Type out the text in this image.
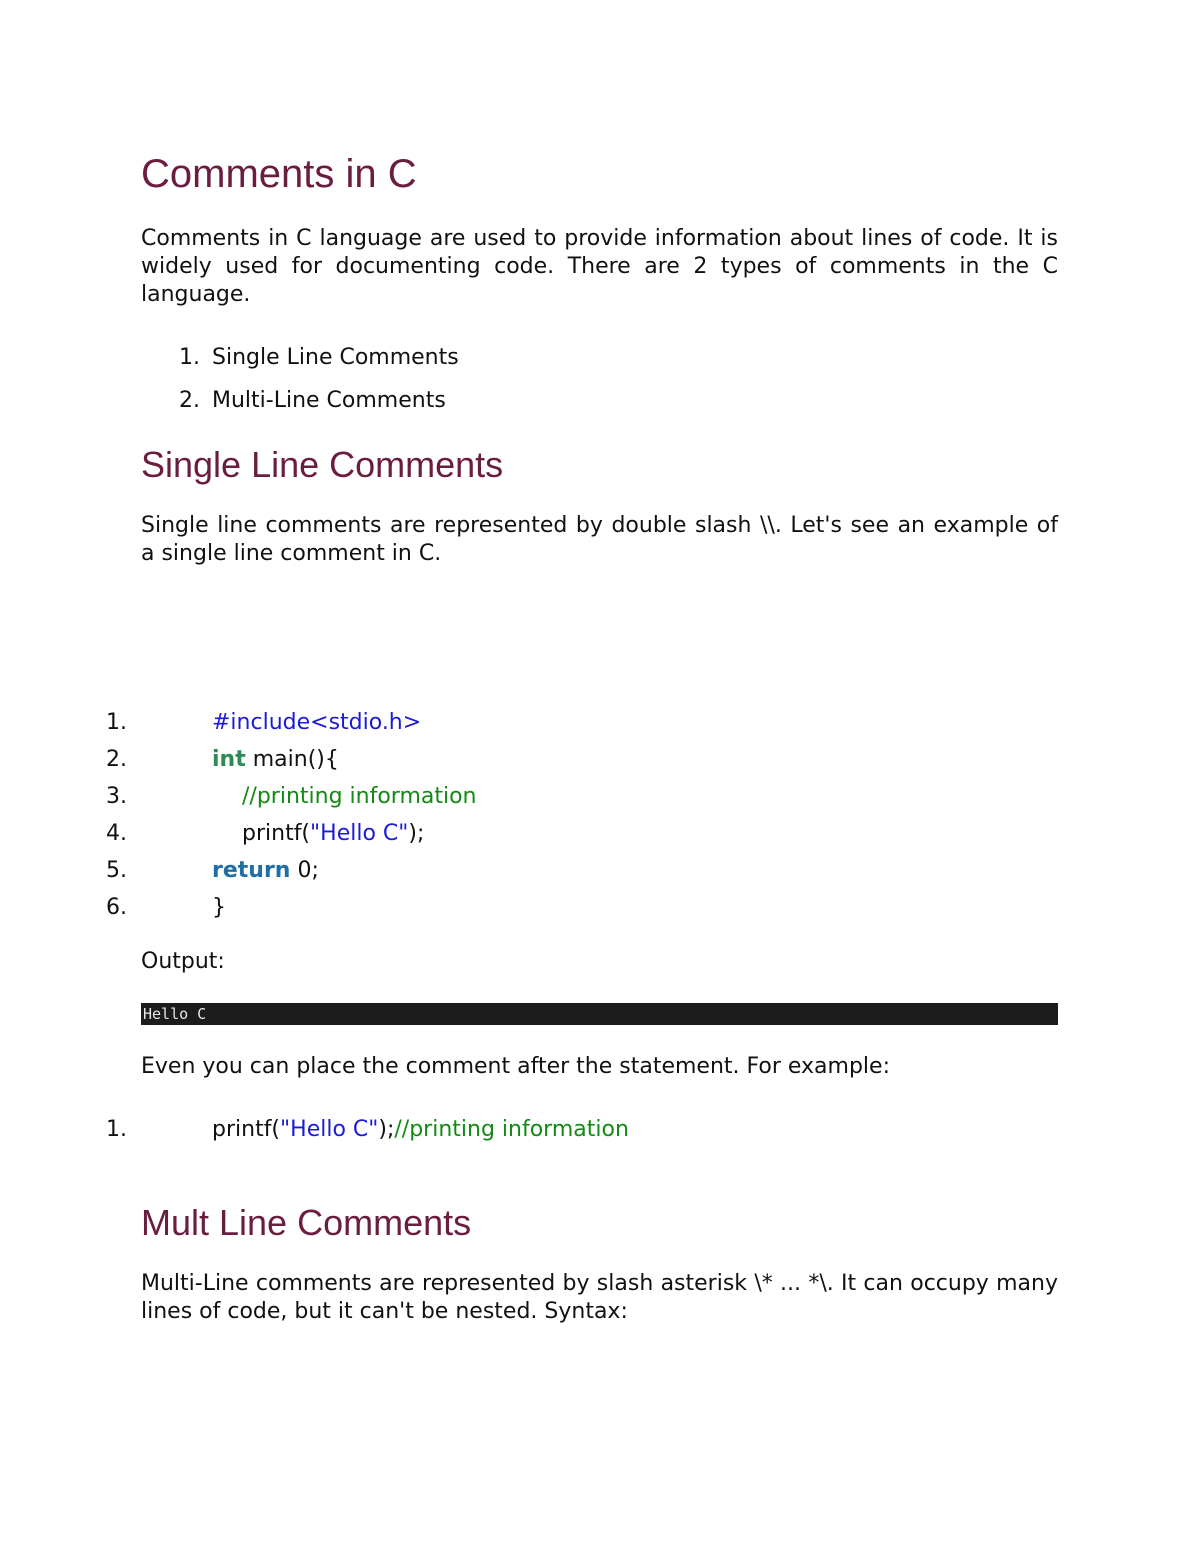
Comments in C

Comments in C language are used to provide information about lines of code. It is widely used for documenting code. There are 2 types of comments in the C language.

1. Single Line Comments
2. Multi-Line Comments
Single Line Comments

Single line comments are represented by double slash \\. Let's see an example of a single line comment in C.

1.	#include<stdio.h>
2.	int main(){
3.	//printing information
4.	printf("Hello C");
5.	return 0;
6.	}

Output:

Hello C

Even you can place the comment after the statement. For example:

1.	printf("Hello C");//printing information
Mult Line Comments

Multi-Line comments are represented by slash asterisk \* ... *\. It can occupy many lines of code, but it can't be nested. Syntax:
